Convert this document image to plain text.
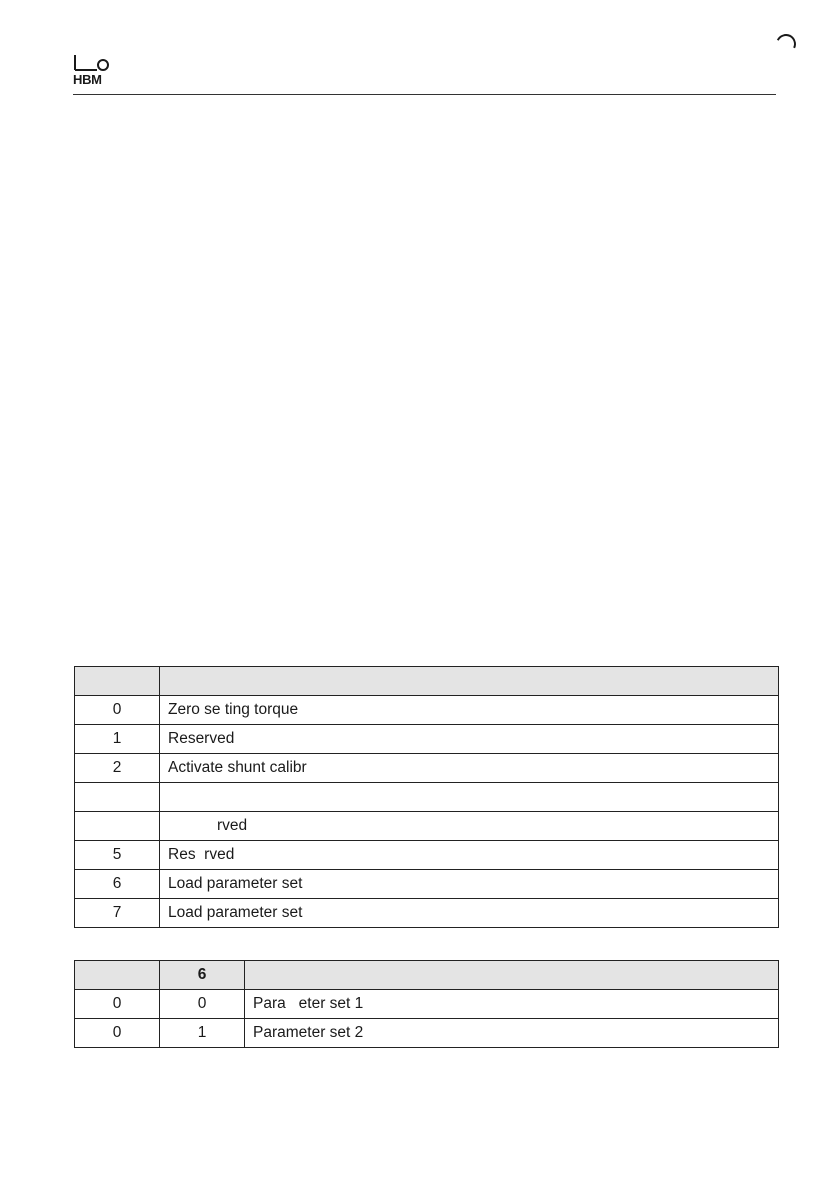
HBM

0	Zero se ting torque
1	Reserved
2	Activate shunt calibr

	rved
5	Res  rved
6	Load parameter set
7	Load parameter set
	6	
0	0	Para   eter set 1
0	1	Parameter set 2
